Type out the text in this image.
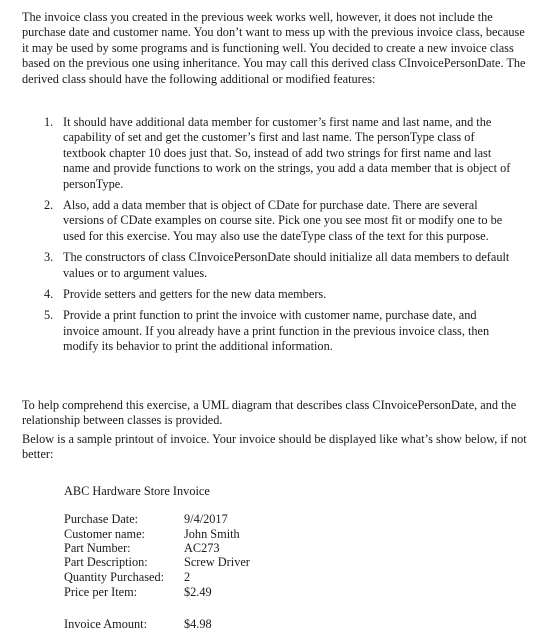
The invoice class you created in the previous week works well, however, it does not include the purchase date and customer name. You don’t want to mess up with the previous invoice class, because it may be used by some programs and is functioning well. You decided to create a new invoice class based on the previous one using inheritance. You may call this derived class CInvoicePersonDate. The derived class should have the following additional or modified features:

1. It should have additional data member for customer’s first name and last name, and the capability of set and get the customer’s first and last name. The personType class of textbook chapter 10 does just that. So, instead of add two strings for first name and last name and provide functions to work on the strings, you add a data member that is object of personType.
2. Also, add a data member that is object of CDate for purchase date. There are several versions of CDate examples on course site. Pick one you see most fit or modify one to be used for this exercise. You may also use the dateType class of the text for this purpose.
3. The constructors of class CInvoicePersonDate should initialize all data members to default values or to argument values.
4. Provide setters and getters for the new data members.
5. Provide a print function to print the invoice with customer name, purchase date, and invoice amount. If you already have a print function in the previous invoice class, then modify its behavior to print the additional information.

To help comprehend this exercise, a UML diagram that describes class CInvoicePersonDate, and the relationship between classes is provided.

Below is a sample printout of invoice. Your invoice should be displayed like what’s show below, if not better:

ABC Hardware Store Invoice
Purchase Date:	9/4/2017
Customer name:	John Smith
Part Number:	AC273
Part Description:	Screw Driver
Quantity Purchased: 2
Price per Item:	$2.49
Invoice Amount:	$4.98
